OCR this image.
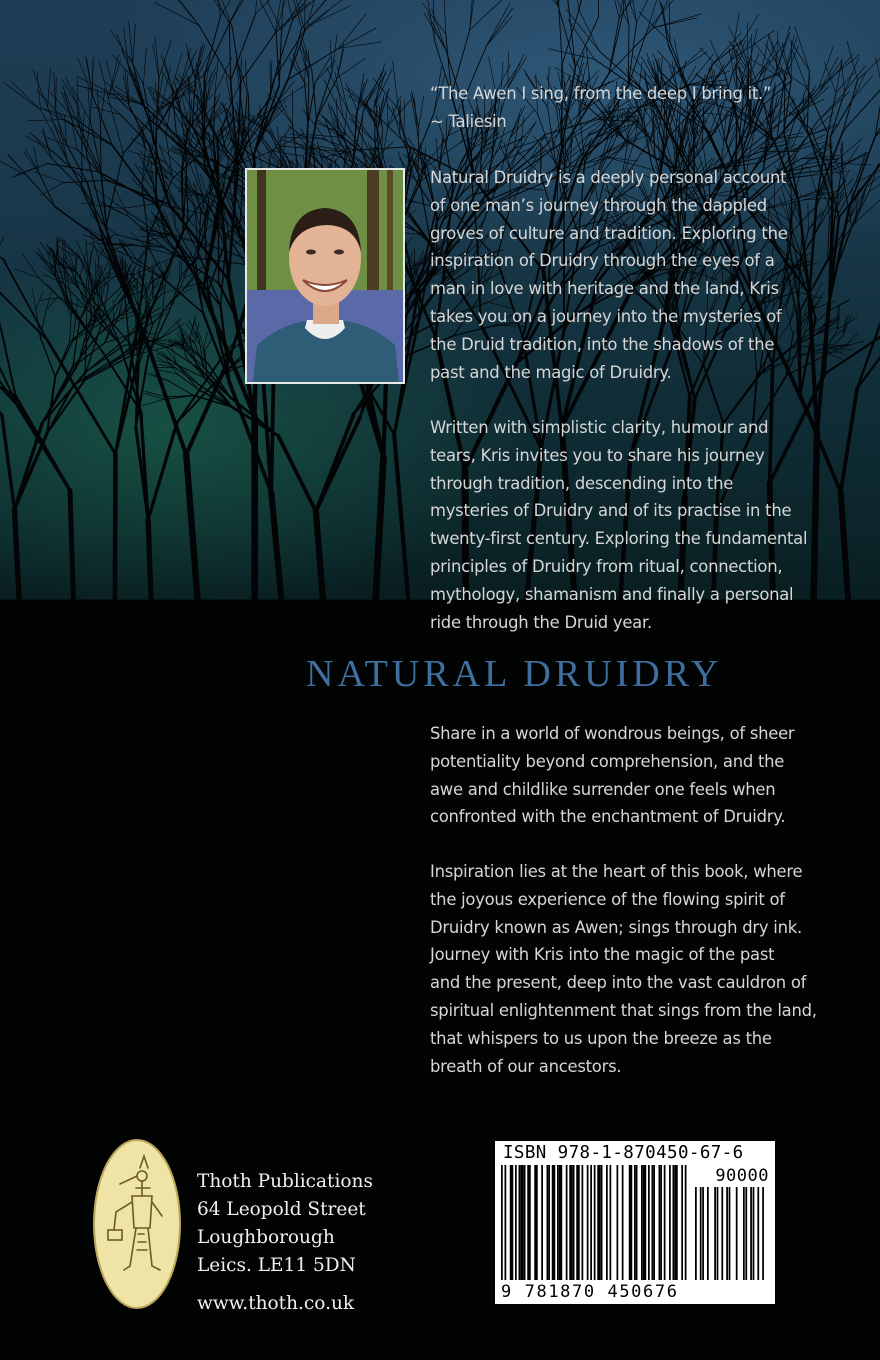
“The Awen I sing, from the deep I bring it.”

~ Taliesin

Natural Druidry is a deeply personal account

of one man’s journey through the dappled

groves of culture and tradition. Exploring the

inspiration of Druidry through the eyes of a

man in love with heritage and the land, Kris

takes you on a journey into the mysteries of

the Druid tradition, into the shadows of the

past and the magic of Druidry.

Written with simplistic clarity, humour and

tears, Kris invites you to share his journey

through tradition, descending into the

mysteries of Druidry and of its practise in the

twenty-first century. Exploring the fundamental

principles of Druidry from ritual, connection,

mythology, shamanism and finally a personal

ride through the Druid year.

NATURAL DRUIDRY

Share in a world of wondrous beings, of sheer

potentiality beyond comprehension, and the

awe and childlike surrender one feels when

confronted with the enchantment of Druidry.

Inspiration lies at the heart of this book, where

the joyous experience of the flowing spirit of

Druidry known as Awen; sings through dry ink.

Journey with Kris into the magic of the past

and the present, deep into the vast cauldron of

spiritual enlightenment that sings from the land,

that whispers to us upon the breeze as the

breath of our ancestors.

Thoth Publications

64 Leopold Street

Loughborough

Leics. LE11 5DN

www.thoth.co.uk

ISBN 978-1-870450-67-6
90000
9 781870 450676
